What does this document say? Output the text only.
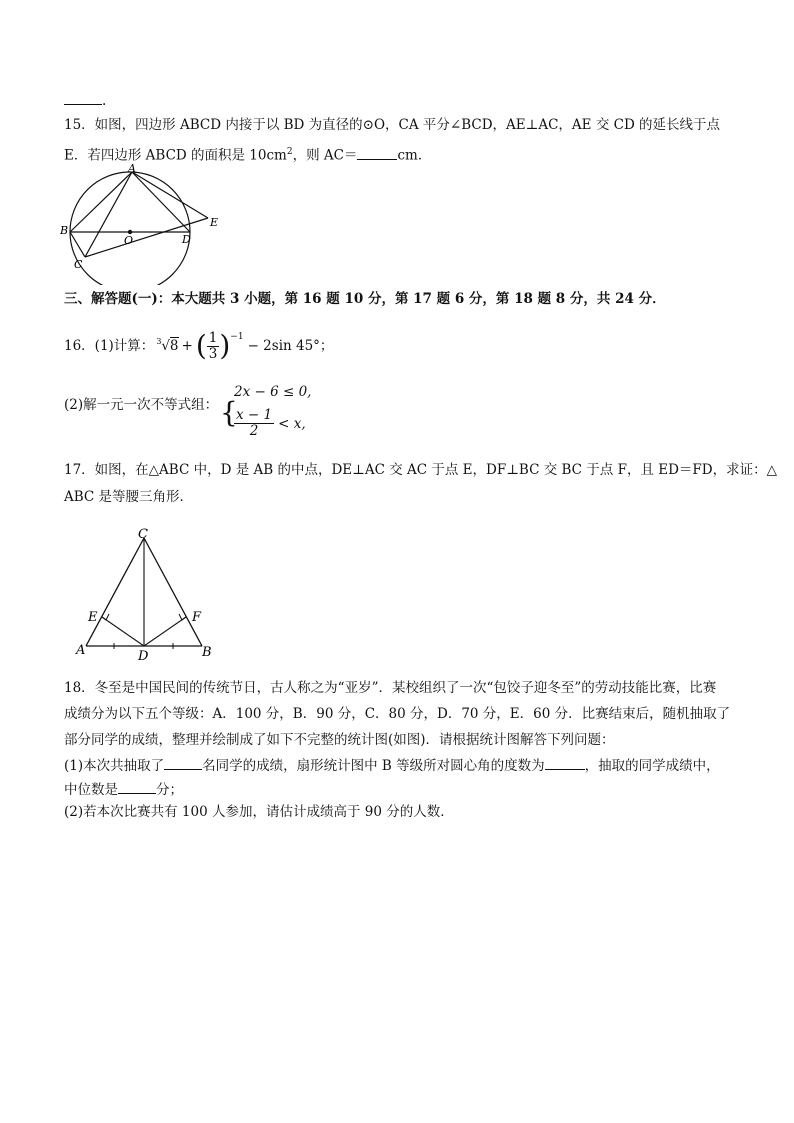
.
15．如图，四边形 ABCD 内接于以 BD 为直径的⊙O，CA 平分∠BCD，AE⊥AC，AE 交 CD 的延长线于点
E．若四边形 ABCD 的面积是 $10cm^2$，则 AC＝	cm．
A
B
C
D
E
O
三、解答题(一)：本大题共 3 小题，第 16 题 10 分，第 17 题 6 分，第 18 题 8 分，共 24 分．
16．(1)计算： 3 √8 + ( $\frac{1}{3} )^{-1}$
− 2sin 45°；
(2)解一元一次不等式组： {
2x − 6 ≤ 0,
$\frac{x - 1}{2} < x$,
17．如图，在△ABC 中，D 是 AB 的中点，DE⊥AC 交 AC 于点 E，DF⊥BC 交 BC 于点 F，且 ED＝FD，求证：△
ABC 是等腰三角形．
C
A	B
D
E	F
18．冬至是中国民间的传统节日，古人称之为“亚岁”．某校组织了一次“包饺子迎冬至”的劳动技能比赛，比赛
成绩分为以下五个等级：A．100 分，B．90 分，C．80 分，D．70 分，E．60 分．比赛结束后，随机抽取了
部分同学的成绩，整理并绘制成了如下不完整的统计图(如图)．请根据统计图解答下列问题：
(1)本次共抽取了	名同学的成绩，扇形统计图中 B 等级所对圆心角的度数为	，抽取的同学成绩中，
中位数是	分；
(2)若本次比赛共有 100 人参加，请估计成绩高于 90 分的人数．
